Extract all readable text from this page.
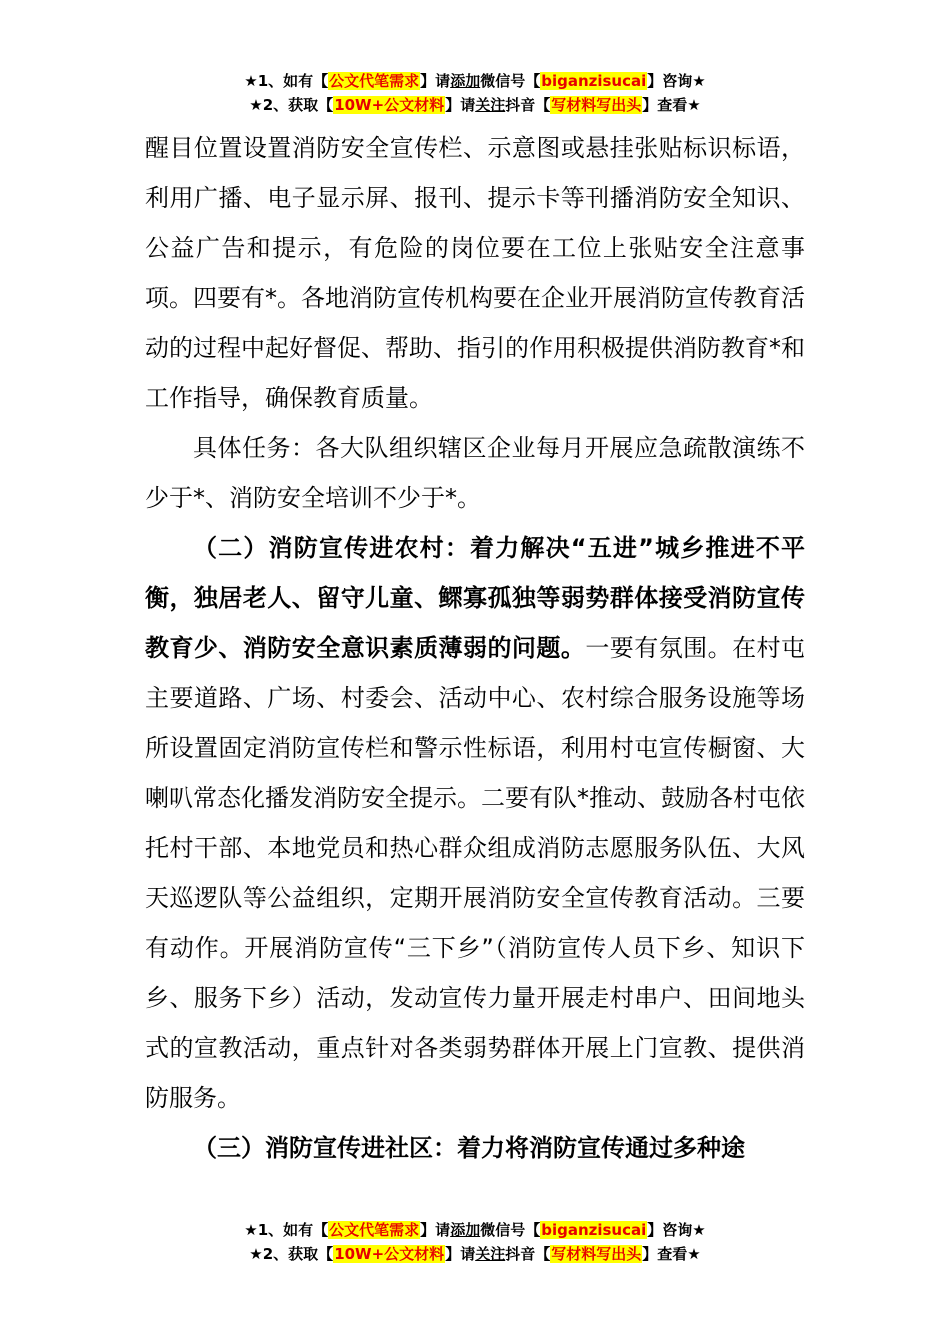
★1、如有【公文代笔需求】请添加微信号【biganzisucai】咨询★
★2、获取【10W+公文材料】请关注抖音【写材料写出头】查看★

醒目位置设置消防安全宣传栏、示意图或悬挂张贴标识标语，利用广播、电子显示屏、报刊、提示卡等刊播消防安全知识、公益广告和提示，有危险的岗位要在工位上张贴安全注意事项。四要有*。各地消防宣传机构要在企业开展消防宣传教育活动的过程中起好督促、帮助、指引的作用积极提供消防教育*和工作指导，确保教育质量。

具体任务：各大队组织辖区企业每月开展应急疏散演练不少于*、消防安全培训不少于*。

（二）消防宣传进农村：着力解决“五进”城乡推进不平衡，独居老人、留守儿童、鳏寡孤独等弱势群体接受消防宣传教育少、消防安全意识素质薄弱的问题。一要有氛围。在村屯主要道路、广场、村委会、活动中心、农村综合服务设施等场所设置固定消防宣传栏和警示性标语，利用村屯宣传橱窗、大喇叭常态化播发消防安全提示。二要有队*推动、鼓励各村屯依托村干部、本地党员和热心群众组成消防志愿服务队伍、大风天巡逻队等公益组织，定期开展消防安全宣传教育活动。三要有动作。开展消防宣传“三下乡”（消防宣传人员下乡、知识下乡、服务下乡）活动，发动宣传力量开展走村串户、田间地头式的宣教活动，重点针对各类弱势群体开展上门宣教、提供消防服务。

（三）消防宣传进社区：着力将消防宣传通过多种途

★1、如有【公文代笔需求】请添加微信号【biganzisucai】咨询★
★2、获取【10W+公文材料】请关注抖音【写材料写出头】查看★
